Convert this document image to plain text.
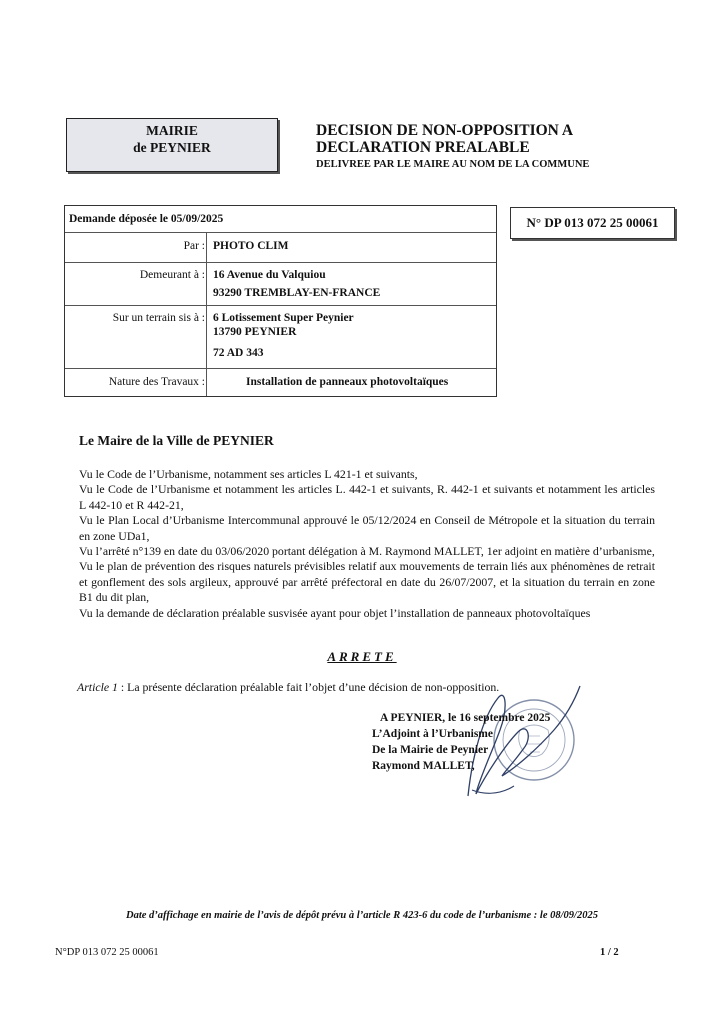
MAIRIE
de PEYNIER
DECISION DE NON-OPPOSITION A
DECLARATION PREALABLE
DELIVREE PAR LE MAIRE AU NOM DE LA COMMUNE
Demande déposée le 05/09/2025
Par : PHOTO CLIM
Demeurant à : 16 Avenue du Valquiou
93290 TREMBLAY-EN-FRANCE
Sur un terrain sis à : 6 Lotissement Super Peynier
13790 PEYNIER
72 AD 343
Nature des Travaux :	Installation de panneaux photovoltaïques
N° DP 013 072 25 00061
Le Maire de la Ville de PEYNIER

Vu le Code de l’Urbanisme, notamment ses articles L 421-1 et suivants,

Vu le Code de l’Urbanisme et notamment les articles L. 442-1 et suivants, R. 442-1 et suivants et notamment les articles L 442-10 et R 442-21,

Vu le Plan Local d’Urbanisme Intercommunal approuvé le 05/12/2024 en Conseil de Métropole et la situation du terrain en zone UDa1,

Vu l’arrêté n°139 en date du 03/06/2020 portant délégation à M. Raymond MALLET, 1er adjoint en matière d’urbanisme,

Vu le plan de prévention des risques naturels prévisibles relatif aux mouvements de terrain liés aux phénomènes de retrait et gonflement des sols argileux, approuvé par arrêté préfectoral en date du 26/07/2007, et la situation du terrain en zone B1 du dit plan,

Vu la demande de déclaration préalable susvisée ayant pour objet l’installation de panneaux photovoltaïques

ARRETE
Article 1 : La présente déclaration préalable fait l’objet d’une décision de non-opposition.
A PEYNIER, le 16 septembre 2025
L’Adjoint à l’Urbanisme
De la Mairie de Peynier
Raymond MALLET,
Date d’affichage en mairie de l’avis de dépôt prévu à l’article R 423-6 du code de l’urbanisme : le 08/09/2025
N°DP 013 072 25 00061	1 / 2
